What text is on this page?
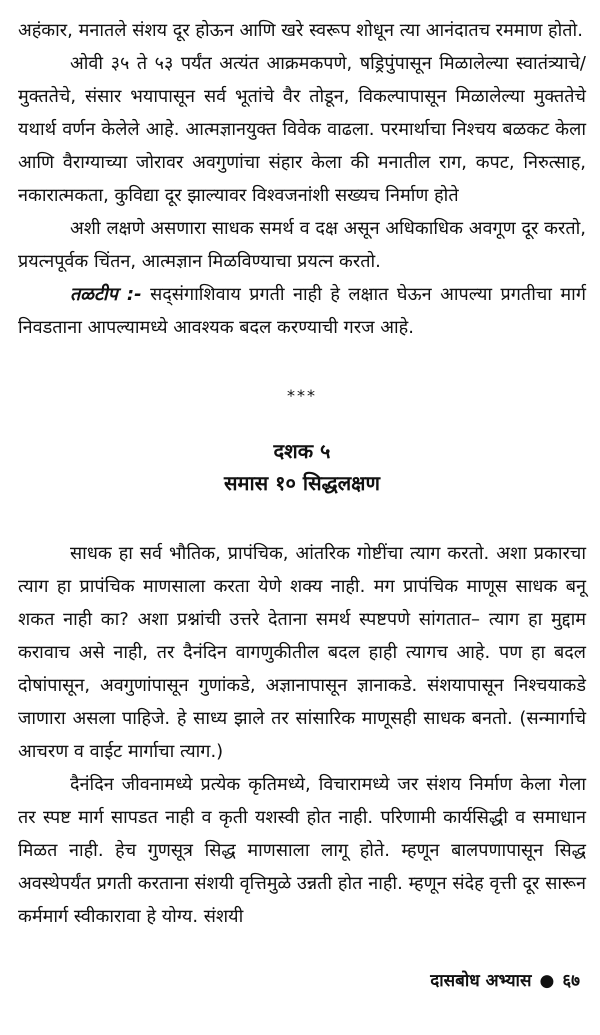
अहंकार, मनातले संशय दूर होऊन आणि खरे स्वरूप शोधून त्या आनंदातच रममाण होतो.

ओवी ३५ ते ५३ पर्यंत अत्यंत आक्रमकपणे, षड्रिपुंपासून मिळालेल्या स्वातंत्र्याचे/ मुक्ततेचे, संसार भयापासून सर्व भूतांचे वैर तोडून, विकल्पापासून मिळालेल्या मुक्ततेचे यथार्थ वर्णन केलेले आहे. आत्मज्ञानयुक्त विवेक वाढला. परमार्थाचा निश्चय बळकट केला आणि वैराग्याच्या जोरावर अवगुणांचा संहार केला की मनातील राग, कपट, निरुत्साह, नकारात्मकता, कुविद्या दूर झाल्यावर विश्वजनांशी सख्यच निर्माण होते

अशी लक्षणे असणारा साधक समर्थ व दक्ष असून अधिकाधिक अवगूण दूर करतो, प्रयत्नपूर्वक चिंतन, आत्मज्ञान मिळविण्याचा प्रयत्न करतो.

तळटीप :- सद्संगाशिवाय प्रगती नाही हे लक्षात घेऊन आपल्या प्रगतीचा मार्ग निवडताना आपल्यामध्ये आवश्यक बदल करण्याची गरज आहे.

***
दशक ५
समास १० सिद्धलक्षण

साधक हा सर्व भौतिक, प्रापंचिक, आंतरिक गोष्टींचा त्याग करतो. अशा प्रकारचा त्याग हा प्रापंचिक माणसाला करता येणे शक्य नाही. मग प्रापंचिक माणूस साधक बनू शकत नाही का? अशा प्रश्नांची उत्तरे देताना समर्थ स्पष्टपणे सांगतात– त्याग हा मुद्दाम करावाच असे नाही, तर दैनंदिन वागणुकीतील बदल हाही त्यागच आहे. पण हा बदल दोषांपासून, अवगुणांपासून गुणांकडे, अज्ञानापासून ज्ञानाकडे. संशयापासून निश्चयाकडे जाणारा असला पाहिजे. हे साध्य झाले तर सांसारिक माणूसही साधक बनतो. (सन्मार्गाचे आचरण व वाईट मार्गाचा त्याग.)

दैनंदिन जीवनामध्ये प्रत्येक कृतिमध्ये, विचारामध्ये जर संशय निर्माण केला गेला तर स्पष्ट मार्ग सापडत नाही व कृती यशस्वी होत नाही. परिणामी कार्यसिद्धी व समाधान मिळत नाही. हेच गुणसूत्र सिद्ध माणसाला लागू होते. म्हणून बालपणापासून सिद्ध अवस्थेपर्यंत प्रगती करताना संशयी वृत्तिमुळे उन्नती होत नाही. म्हणून संदेह वृत्ती दूर सारून कर्ममार्ग स्वीकारावा हे योग्य. संशयी

दासबोध अभ्यास ● ६७
